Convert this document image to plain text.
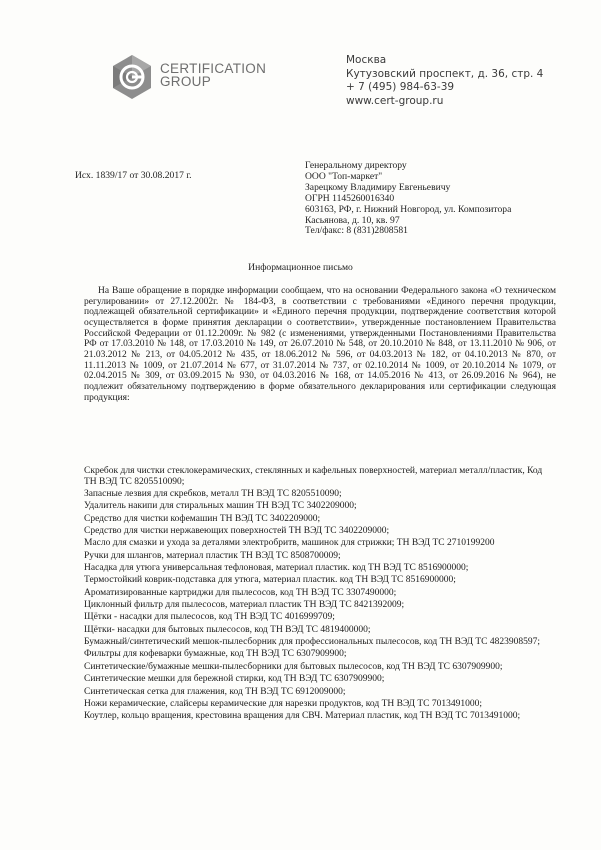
CERTIFICATION
GROUP
Москва
Кутузовский проспект, д. 36, стр. 4
+ 7 (495) 984-63-39
www.cert-group.ru
Исх. 1839/17 от 30.08.2017 г.
Генеральному директору
ООО "Топ-маркет"
Зарецкому Владимиру Евгеньевичу
ОГРН 1145260016340
603163, РФ, г. Нижний Новгород, ул. Композитора
Касьянова, д. 10, кв. 97
Тел/факс: 8 (831)2808581
Информационное письмо

На Ваше обращение в порядке информации сообщаем, что на основании Федерального закона «О техническом регулировании» от 27.12.2002г. № 184-ФЗ, в соответствии с требованиями «Единого перечня продукции, подлежащей обязательной сертификации» и «Единого перечня продукции, подтверждение соответствия которой осуществляется в форме принятия декларации о соответствии», утвержденные постановлением Правительства Российской Федерации от 01.12.2009г. № 982 (с изменениями, утвержденными Постановлениями Правительства РФ от 17.03.2010 № 148, от 17.03.2010 № 149, от 26.07.2010 № 548, от 20.10.2010 № 848, от 13.11.2010 № 906, от 21.03.2012 № 213, от 04.05.2012 № 435, от 18.06.2012 № 596, от 04.03.2013 № 182, от 04.10.2013 № 870, от 11.11.2013 № 1009, от 21.07.2014 № 677, от 31.07.2014 № 737, от 02.10.2014 № 1009, от 20.10.2014 № 1079, от 02.04.2015 № 309, от 03.09.2015 № 930, от 04.03.2016 № 168, от 14.05.2016 № 413, от 26.09.2016 № 964), не подлежит обязательному подтверждению в форме обязательного декларирования или сертификации следующая продукция:

Скребок для чистки стеклокерамических, стеклянных и кафельных поверхностей, материал металл/пластик, Код ТН ВЭД ТС 8205510090;
Запасные лезвия для скребков, металл ТН ВЭД ТС 8205510090;
Удалитель накипи для стиральных машин ТН ВЭД ТС 3402209000;
Средство для чистки кофемашин ТН ВЭД ТС 3402209000;
Средство для чистки нержавеющих поверхностей ТН ВЭД ТС 3402209000;
Масло для смазки и ухода за деталями электробритв, машинок для стрижки; ТН ВЭД ТС 2710199200
Ручки для шлангов, материал пластик ТН ВЭД ТС 8508700009;
Насадка для утюга универсальная тефлоновая, материал пластик. код ТН ВЭД ТС 8516900000;
Термостойкий коврик-подставка для утюга, материал пластик. код ТН ВЭД ТС 8516900000;
Ароматизированные картриджи для пылесосов, код ТН ВЭД ТС 3307490000;
Циклонный фильтр для пылесосов, материал пластик ТН ВЭД ТС 8421392009;
Щётки - насадки для пылесосов, код ТН ВЭД ТС 4016999709;
Щётки- насадки для бытовых пылесосов, код ТН ВЭД ТС 4819400000;
Бумажный/синтетический мешок-пылесборник для профессиональных пылесосов, код ТН ВЭД ТС 4823908597;
Фильтры для кофеварки бумажные, код ТН ВЭД ТС 6307909900;
Синтетические/бумажные мешки-пылесборники для бытовых пылесосов, код ТН ВЭД ТС 6307909900;
Синтетические мешки для бережной стирки, код ТН ВЭД ТС 6307909900;
Синтетическая сетка для глажения, код ТН ВЭД ТС 6912009000;
Ножи керамические, слайсеры керамические для нарезки продуктов, код ТН ВЭД ТС 7013491000;
Коутлер, кольцо вращения, крестовина вращения для СВЧ. Материал пластик, код ТН ВЭД ТС 7013491000;
